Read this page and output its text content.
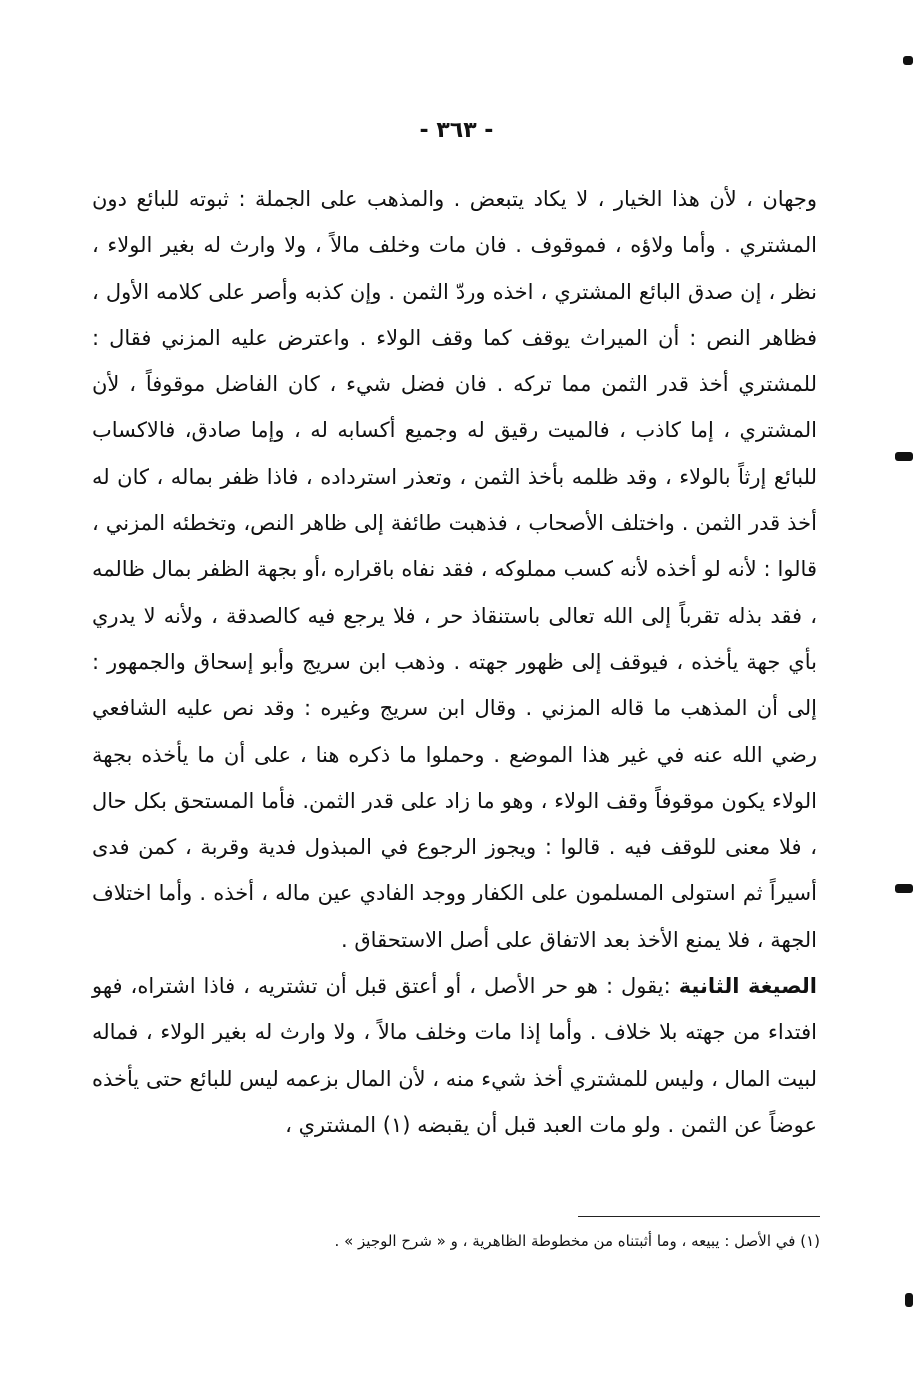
- ٣٦٣ -

وجهان ، لأن هذا الخيار ، لا يكاد يتبعض . والمذهب على الجملة : ثبوته للبائع دون المشتري . وأما ولاؤه ، فموقوف . فان مات وخلف مالاً ، ولا وارث له بغير الولاء ، نظر ، إن صدق البائع المشتري ، اخذه وردّ الثمن . وإن كذبه وأصر على كلامه الأول ، فظاهر النص : أن الميراث يوقف كما وقف الولاء . واعترض عليه المزني فقال : للمشتري أخذ قدر الثمن مما تركه . فان فضل شيء ، كان الفاضل موقوفاً ، لأن المشتري ، إما كاذب ، فالميت رقيق له وجميع أكسابه له ، وإما صادق، فالاكساب للبائع إرثاً بالولاء ، وقد ظلمه بأخذ الثمن ، وتعذر استرداده ، فاذا ظفر بماله ، كان له أخذ قدر الثمن . واختلف الأصحاب ، فذهبت طائفة إلى ظاهر النص، وتخطئه المزني ، قالوا : لأنه لو أخذه لأنه كسب مملوكه ، فقد نفاه باقراره ،أو بجهة الظفر بمال ظالمه ، فقد بذله تقرباً إلى الله تعالى باستنقاذ حر ، فلا يرجع فيه كالصدقة ، ولأنه لا يدري بأي جهة يأخذه ، فيوقف إلى ظهور جهته . وذهب ابن سريج وأبو إسحاق والجمهور : إلى أن المذهب ما قاله المزني . وقال ابن سريج وغيره : وقد نص عليه الشافعي رضي الله عنه في غير هذا الموضع . وحملوا ما ذكره هنا ، على أن ما يأخذه بجهة الولاء يكون موقوفاً وقف الولاء ، وهو ما زاد على قدر الثمن. فأما المستحق بكل حال ، فلا معنى للوقف فيه . قالوا : ويجوز الرجوع في المبذول فدية وقربة ، كمن فدى أسيراً ثم استولى المسلمون على الكفار ووجد الفادي عين ماله ، أخذه . وأما اختلاف الجهة ، فلا يمنع الأخذ بعد الاتفاق على أصل الاستحقاق .

الصيغة الثانية :يقول : هو حر الأصل ، أو أعتق قبل أن تشتريه ، فاذا اشتراه، فهو افتداء من جهته بلا خلاف . وأما إذا مات وخلف مالاً ، ولا وارث له بغير الولاء ، فماله لبيت المال ، وليس للمشتري أخذ شيء منه ، لأن المال بزعمه ليس للبائع حتى يأخذه عوضاً عن الثمن . ولو مات العبد قبل أن يقبضه (١) المشتري ،

(١) في الأصل : يبيعه ، وما أثبتناه من مخطوطة الظاهرية ، و « شرح الوجيز » .
